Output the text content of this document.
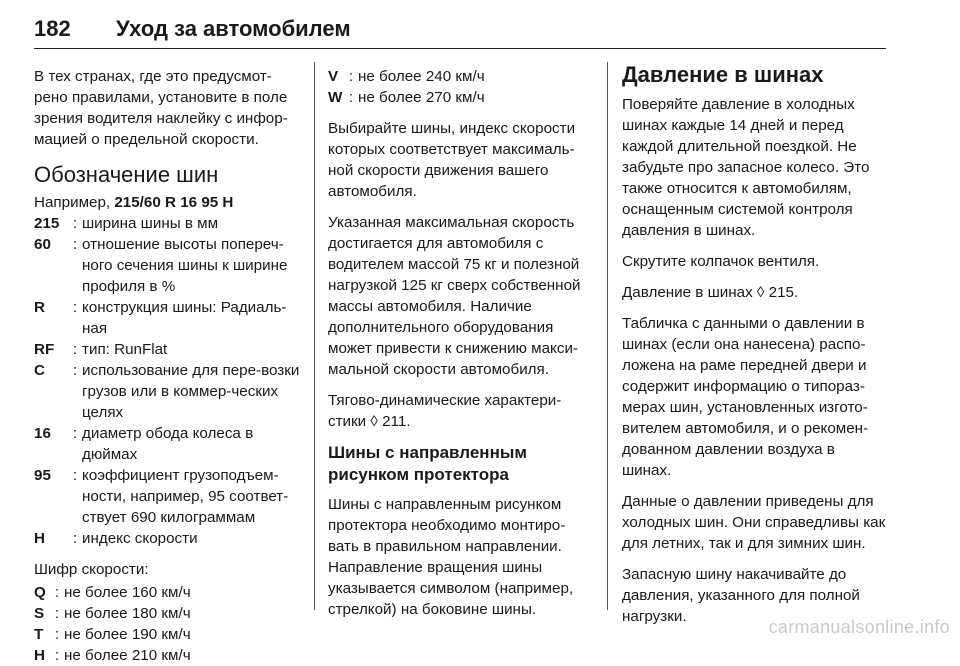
182 Уход за автомобилем

В тех странах, где это предусмот-рено правилами, установите в поле зрения водителя наклейку с инфор-мацией о предельной скорости.

Обозначение шин
Например, 215/60 R 16 95 H
215 : ширина шины в мм
60	: отношение высоты попереч-ного сечения шины к ширине профиля в %
R	: конструкция шины: Радиаль-ная
RF	: тип: RunFlat
C	: использование для пере-возки грузов или в коммер-ческих целях
16	: диаметр обода колеса в дюймах
95	: коэффициент грузоподъем-ности, например, 95 соответ-ствует 690 килограммам
H	: индекс скорости

Шифр скорости:

Q : не более 160 км/ч
S : не более 180 км/ч
T : не более 190 км/ч
H : не более 210 км/ч
V : не более 240 км/ч
W : не более 270 км/ч

Выбирайте шины, индекс скорости которых соответствует максималь-ной скорости движения вашего автомобиля.

Указанная максимальная скорость достигается для автомобиля с водителем массой 75 кг и полезной нагрузкой 125 кг сверх собственной массы автомобиля. Наличие дополнительного оборудования может привести к снижению макси-мальной скорости автомобиля.

Тягово-динамические характери-стики ◊ 211.

Шины с направленным рисунком протектора

Шины с направленным рисунком протектора необходимо монтиро-вать в правильном направлении. Направление вращения шины указывается символом (например, стрелкой) на боковине шины.

Давление в шинах

Поверяйте давление в холодных шинах каждые 14 дней и перед каждой длительной поездкой. Не забудьте про запасное колесо. Это также относится к автомобилям, оснащенным системой контроля давления в шинах.

Скрутите колпачок вентиля.

Давление в шинах ◊ 215.

Табличка с данными о давлении в шинах (если она нанесена) распо-ложена на раме передней двери и содержит информацию о типораз-мерах шин, установленных изгото-вителем автомобиля, и о рекомен-дованном давлении воздуха в шинах.

Данные о давлении приведены для холодных шин. Они справедливы как для летних, так и для зимних шин.

Запасную шину накачивайте до давления, указанного для полной нагрузки.

carmanualsonline.info
